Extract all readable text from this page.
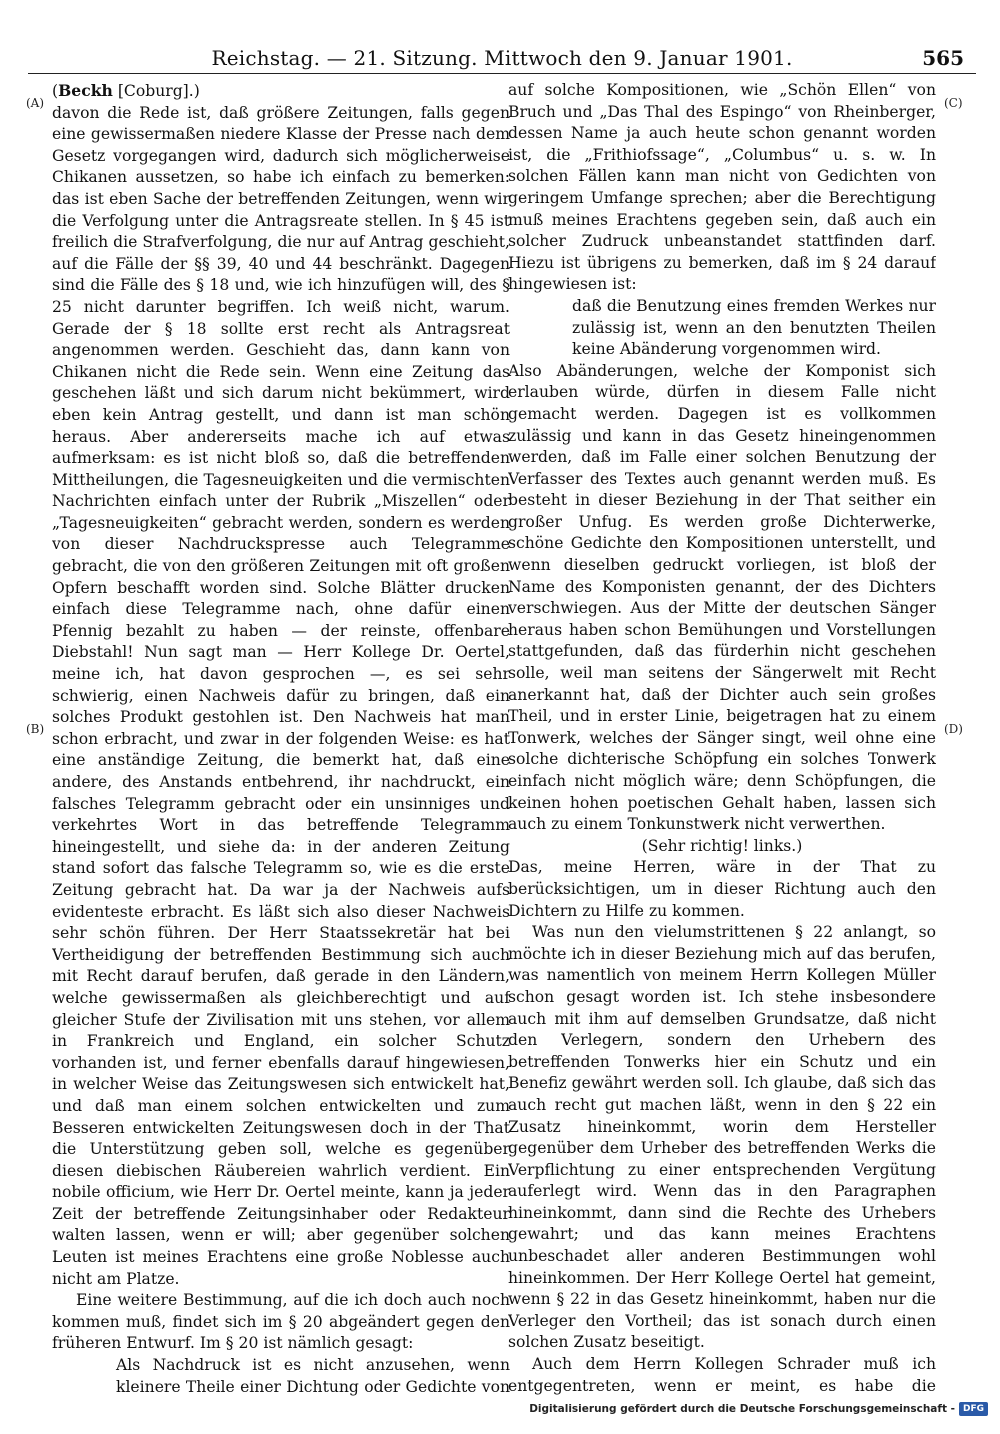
Reichstag. — 21. Sitzung. Mittwoch den 9. Januar 1901.	565
(A)
(B)
(C)
(D)

(Beckh [Coburg].)

davon die Rede ist, daß größere Zeitungen, falls gegen eine gewissermaßen niedere Klasse der Presse nach dem Gesetz vorgegangen wird, dadurch sich möglicherweise Chikanen aussetzen, so habe ich einfach zu bemerken: das ist eben Sache der betreffenden Zeitungen, wenn wir die Verfolgung unter die Antragsreate stellen. In § 45 ist freilich die Strafverfolgung, die nur auf Antrag geschieht, auf die Fälle der §§ 39, 40 und 44 beschränkt. Dagegen sind die Fälle des § 18 und, wie ich hinzufügen will, des § 25 nicht darunter begriffen. Ich weiß nicht, warum. Gerade der § 18 sollte erst recht als Antragsreat angenommen werden. Geschieht das, dann kann von Chikanen nicht die Rede sein. Wenn eine Zeitung das geschehen läßt und sich darum nicht bekümmert, wird eben kein Antrag gestellt, und dann ist man schön heraus. Aber andererseits mache ich auf etwas aufmerksam: es ist nicht bloß so, daß die betreffenden Mittheilungen, die Tagesneuigkeiten und die vermischten Nachrichten einfach unter der Rubrik „Miszellen“ oder „Tagesneuigkeiten“ gebracht werden, sondern es werden von dieser Nachdruckspresse auch Telegramme gebracht, die von den größeren Zeitungen mit oft großen Opfern beschafft worden sind. Solche Blätter drucken einfach diese Telegramme nach, ohne dafür einen Pfennig bezahlt zu haben — der reinste, offenbare Diebstahl! Nun sagt man — Herr Kollege Dr. Oertel, meine ich, hat davon gesprochen —, es sei sehr schwierig, einen Nachweis dafür zu bringen, daß ein solches Produkt gestohlen ist. Den Nachweis hat man schon erbracht, und zwar in der folgenden Weise: es hat eine anständige Zeitung, die bemerkt hat, daß eine andere, des Anstands entbehrend, ihr nachdruckt, ein falsches Telegramm gebracht oder ein unsinniges und verkehrtes Wort in das betreffende Telegramm hineingestellt, und siehe da: in der anderen Zeitung stand sofort das falsche Telegramm so, wie es die erste Zeitung gebracht hat. Da war ja der Nachweis aufs evidenteste erbracht. Es läßt sich also dieser Nachweis sehr schön führen. Der Herr Staatssekretär hat bei Vertheidigung der betreffenden Bestimmung sich auch mit Recht darauf berufen, daß gerade in den Ländern, welche gewissermaßen als gleichberechtigt und auf gleicher Stufe der Zivilisation mit uns stehen, vor allem in Frankreich und England, ein solcher Schutz vorhanden ist, und ferner ebenfalls darauf hingewiesen, in welcher Weise das Zeitungswesen sich entwickelt hat, und daß man einem solchen entwickelten und zum Besseren entwickelten Zeitungswesen doch in der That die Unterstützung geben soll, welche es gegenüber diesen diebischen Räubereien wahrlich verdient. Ein nobile officium, wie Herr Dr. Oertel meinte, kann ja jeder Zeit der betreffende Zeitungsinhaber oder Redakteur walten lassen, wenn er will; aber gegenüber solchen Leuten ist meines Erachtens eine große Noblesse auch nicht am Platze.

Eine weitere Bestimmung, auf die ich doch auch noch kommen muß, findet sich im § 20 abgeändert gegen den früheren Entwurf. Im § 20 ist nämlich gesagt:

Als Nachdruck ist es nicht anzusehen, wenn kleinere Theile einer Dichtung oder Gedichte von

auf solche Kompositionen, wie „Schön Ellen“ von Bruch und „Das Thal des Espingo“ von Rheinberger, dessen Name ja auch heute schon genannt worden ist, die „Frithiofssage“, „Columbus“ u. s. w. In solchen Fällen kann man nicht von Gedichten von geringem Umfange sprechen; aber die Berechtigung muß meines Erachtens gegeben sein, daß auch ein solcher Zudruck unbeanstandet stattfinden darf. Hiezu ist übrigens zu bemerken, daß im § 24 darauf hingewiesen ist:

daß die Benutzung eines fremden Werkes nur zulässig ist, wenn an den benutzten Theilen keine Abänderung vorgenommen wird.

Also Abänderungen, welche der Komponist sich erlauben würde, dürfen in diesem Falle nicht gemacht werden. Dagegen ist es vollkommen zulässig und kann in das Gesetz hineingenommen werden, daß im Falle einer solchen Benutzung der Verfasser des Textes auch genannt werden muß. Es besteht in dieser Beziehung in der That seither ein großer Unfug. Es werden große Dichterwerke, schöne Gedichte den Kompositionen unterstellt, und wenn dieselben gedruckt vorliegen, ist bloß der Name des Komponisten genannt, der des Dichters verschwiegen. Aus der Mitte der deutschen Sänger heraus haben schon Bemühungen und Vorstellungen stattgefunden, daß das fürderhin nicht geschehen solle, weil man seitens der Sängerwelt mit Recht anerkannt hat, daß der Dichter auch sein großes Theil, und in erster Linie, beigetragen hat zu einem Tonwerk, welches der Sänger singt, weil ohne eine solche dichterische Schöpfung ein solches Tonwerk einfach nicht möglich wäre; denn Schöpfungen, die keinen hohen poetischen Gehalt haben, lassen sich auch zu einem Tonkunstwerk nicht verwerthen.

(Sehr richtig! links.)

Das, meine Herren, wäre in der That zu berücksichtigen, um in dieser Richtung auch den Dichtern zu Hilfe zu kommen.

Was nun den vielumstrittenen § 22 anlangt, so möchte ich in dieser Beziehung mich auf das berufen, was namentlich von meinem Herrn Kollegen Müller schon gesagt worden ist. Ich stehe insbesondere auch mit ihm auf demselben Grundsatze, daß nicht den Verlegern, sondern den Urhebern des betreffenden Tonwerks hier ein Schutz und ein Benefiz gewährt werden soll. Ich glaube, daß sich das auch recht gut machen läßt, wenn in den § 22 ein Zusatz hineinkommt, worin dem Hersteller gegenüber dem Urheber des betreffenden Werks die Verpflichtung zu einer entsprechenden Vergütung auferlegt wird. Wenn das in den Paragraphen hineinkommt, dann sind die Rechte des Urhebers gewahrt; und das kann meines Erachtens unbeschadet aller anderen Bestimmungen wohl hineinkommen. Der Herr Kollege Oertel hat gemeint, wenn § 22 in das Gesetz hineinkommt, haben nur die Verleger den Vortheil; das ist sonach durch einen solchen Zusatz beseitigt.

Auch dem Herrn Kollegen Schrader muß ich entgegentreten, wenn er meint, es habe die

Digitalisierung gefördert durch die Deutsche Forschungsgemeinschaft - DFG
